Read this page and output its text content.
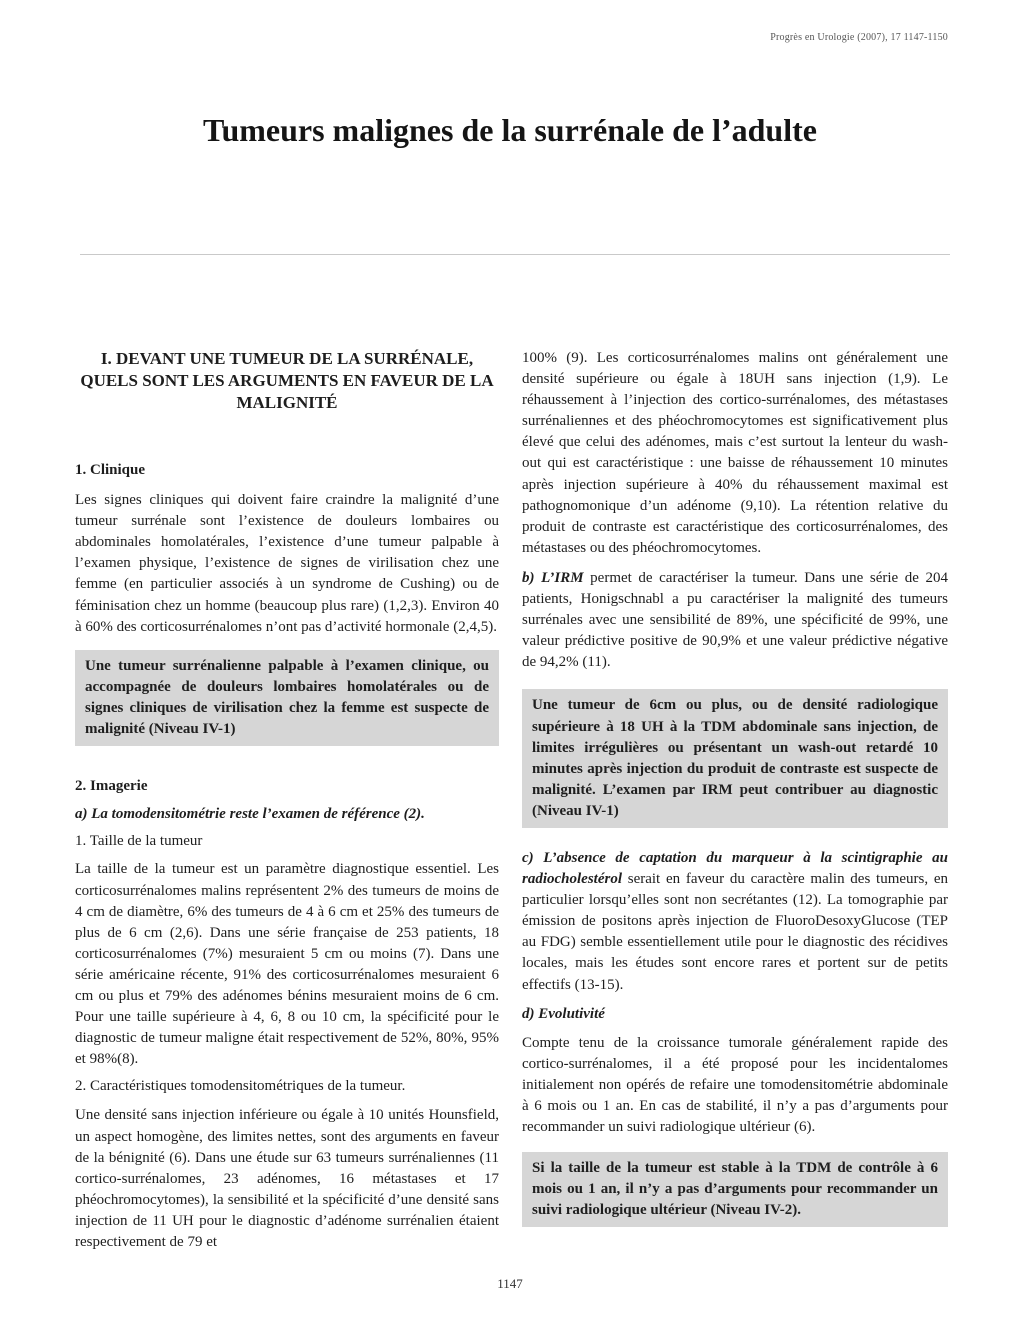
Progrès en Urologie (2007), 17 1147-1150
Tumeurs malignes de la surrénale de l’adulte
I. DEVANT UNE TUMEUR DE LA SURRÉNALE, QUELS SONT LES ARGUMENTS EN FAVEUR DE LA MALIGNITÉ
1. Clinique

Les signes cliniques qui doivent faire craindre la malignité d’une tumeur surrénale sont l’existence de douleurs lombaires ou abdominales homolatérales, l’existence d’une tumeur palpable à l’examen physique, l’existence de signes de virilisation chez une femme (en particulier associés à un syndrome de Cushing) ou de féminisation chez un homme (beaucoup plus rare) (1,2,3). Environ 40 à 60% des corticosurrénalomes n’ont pas d’activité hormonale (2,4,5).

Une tumeur surrénalienne palpable à l’examen clinique, ou accompagnée de douleurs lombaires homolatérales ou de signes cliniques de virilisation chez la femme est suspecte de malignité (Niveau IV-1)

2. Imagerie
a) La tomodensitométrie reste l’examen de référence (2).
1. Taille de la tumeur

La taille de la tumeur est un paramètre diagnostique essentiel. Les corticosurrénalomes malins représentent 2% des tumeurs de moins de 4 cm de diamètre, 6% des tumeurs de 4 à 6 cm et 25% des tumeurs de plus de 6 cm (2,6). Dans une série française de 253 patients, 18 corticosurrénalomes (7%) mesuraient 5 cm ou moins (7). Dans une série américaine récente, 91% des corticosurrénalomes mesuraient 6 cm ou plus et 79% des adénomes bénins mesuraient moins de 6 cm. Pour une taille supérieure à 4, 6, 8 ou 10 cm, la spécificité pour le diagnostic de tumeur maligne était respectivement de 52%, 80%, 95% et 98%(8).

2. Caractéristiques tomodensitométriques de la tumeur.

Une densité sans injection inférieure ou égale à 10 unités Hounsfield, un aspect homogène, des limites nettes, sont des arguments en faveur de la bénignité (6). Dans une étude sur 63 tumeurs surrénaliennes (11 cortico-surrénalomes, 23 adénomes, 16 métastases et 17 phéochromocytomes), la sensibilité et la spécificité d’une densité sans injection de 11 UH pour le diagnostic d’adénome surrénalien étaient respectivement de 79 et

100% (9). Les corticosurrénalomes malins ont généralement une densité supérieure ou égale à 18UH sans injection (1,9). Le réhaussement à l’injection des cortico-surrénalomes, des métastases surrénaliennes et des phéochromocytomes est significativement plus élevé que celui des adénomes, mais c’est surtout la lenteur du wash-out qui est caractéristique : une baisse de réhaussement 10 minutes après injection supérieure à 40% du réhaussement maximal est pathognomonique d’un adénome (9,10). La rétention relative du produit de contraste est caractéristique des corticosurrénalomes, des métastases ou des phéochromocytomes.

b) L’IRM permet de caractériser la tumeur. Dans une série de 204 patients, Honigschnabl a pu caractériser la malignité des tumeurs surrénales avec une sensibilité de 89%, une spécificité de 99%, une valeur prédictive positive de 90,9% et une valeur prédictive négative de 94,2% (11).

Une tumeur de 6cm ou plus, ou de densité radiologique supérieure à 18 UH à la TDM abdominale sans injection, de limites irrégulières ou présentant un wash-out retardé 10 minutes après injection du produit de contraste est suspecte de malignité. L’examen par IRM peut contribuer au diagnostic (Niveau IV-1)

c) L’absence de captation du marqueur à la scintigraphie au radiocholestérol serait en faveur du caractère malin des tumeurs, en particulier lorsqu’elles sont non secrétantes (12). La tomographie par émission de positons après injection de FluoroDesoxyGlucose (TEP au FDG) semble essentiellement utile pour le diagnostic des récidives locales, mais les études sont encore rares et portent sur de petits effectifs (13-15).

d) Evolutivité

Compte tenu de la croissance tumorale généralement rapide des cortico-surrénalomes, il a été proposé pour les incidentalomes initialement non opérés de refaire une tomodensitométrie abdominale à 6 mois ou 1 an. En cas de stabilité, il n’y a pas d’arguments pour recommander un suivi radiologique ultérieur (6).

Si la taille de la tumeur est stable à la TDM de contrôle à 6 mois ou 1 an, il n’y a pas d’arguments pour recommander un suivi radiologique ultérieur (Niveau IV-2).

1147
